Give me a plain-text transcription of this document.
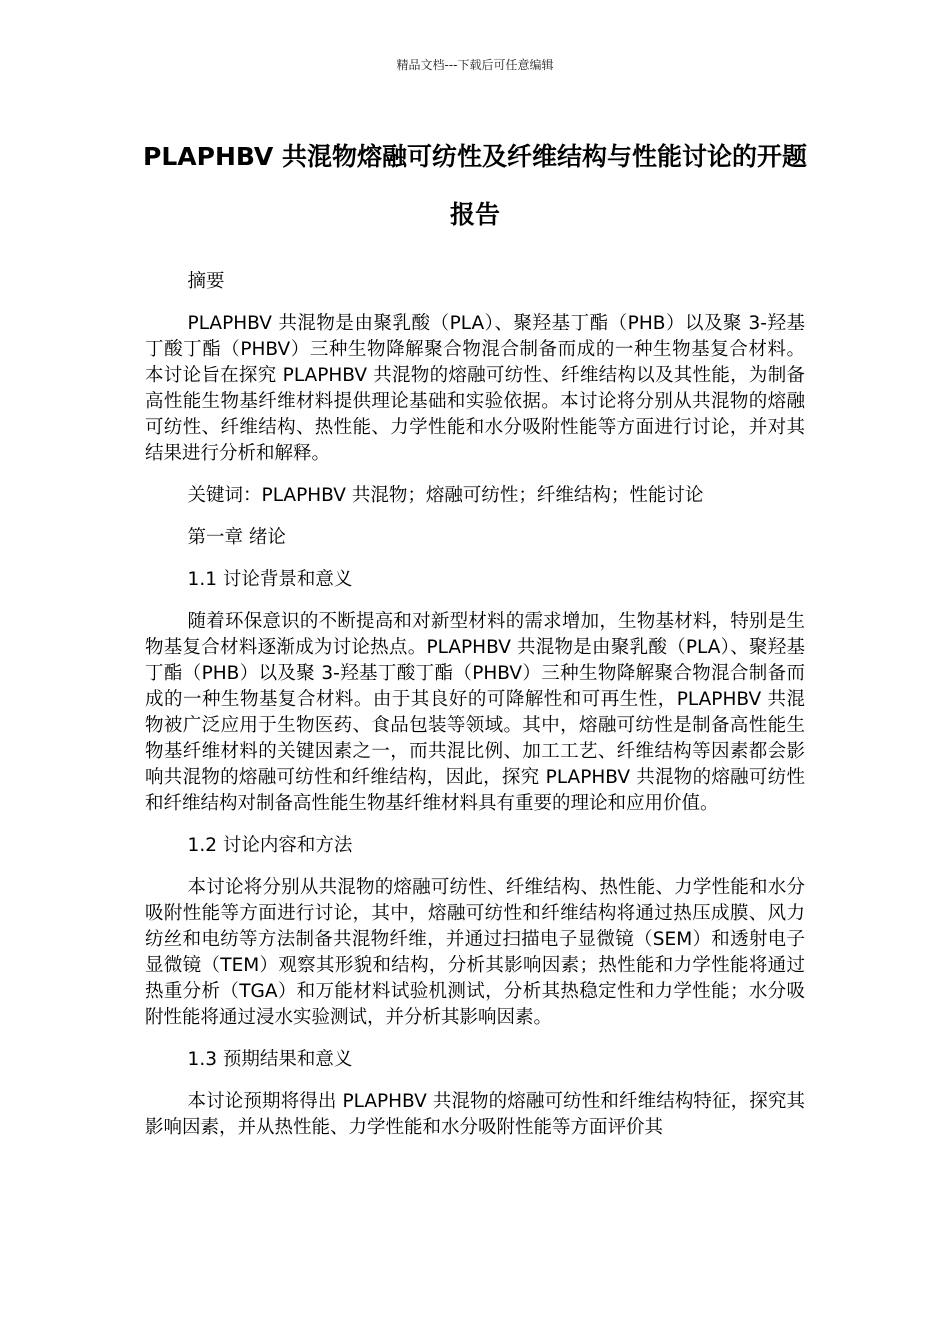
精品文档---下载后可任意编辑
PLAPHBV 共混物熔融可纺性及纤维结构与性能讨论的开题报告

摘要

PLAPHBV 共混物是由聚乳酸（PLA）、聚羟基丁酯（PHB）以及聚 3-羟基丁酸丁酯（PHBV）三种生物降解聚合物混合制备而成的一种生物基复合材料。本讨论旨在探究 PLAPHBV 共混物的熔融可纺性、纤维结构以及其性能，为制备高性能生物基纤维材料提供理论基础和实验依据。本讨论将分别从共混物的熔融可纺性、纤维结构、热性能、力学性能和水分吸附性能等方面进行讨论，并对其结果进行分析和解释。

关键词：PLAPHBV 共混物；熔融可纺性；纤维结构；性能讨论

第一章 绪论

1.1 讨论背景和意义

随着环保意识的不断提高和对新型材料的需求增加，生物基材料，特别是生物基复合材料逐渐成为讨论热点。PLAPHBV 共混物是由聚乳酸（PLA）、聚羟基丁酯（PHB）以及聚 3-羟基丁酸丁酯（PHBV）三种生物降解聚合物混合制备而成的一种生物基复合材料。由于其良好的可降解性和可再生性，PLAPHBV 共混物被广泛应用于生物医药、食品包装等领域。其中，熔融可纺性是制备高性能生物基纤维材料的关键因素之一，而共混比例、加工工艺、纤维结构等因素都会影响共混物的熔融可纺性和纤维结构，因此，探究 PLAPHBV 共混物的熔融可纺性和纤维结构对制备高性能生物基纤维材料具有重要的理论和应用价值。

1.2 讨论内容和方法

本讨论将分别从共混物的熔融可纺性、纤维结构、热性能、力学性能和水分吸附性能等方面进行讨论，其中，熔融可纺性和纤维结构将通过热压成膜、风力纺丝和电纺等方法制备共混物纤维，并通过扫描电子显微镜（SEM）和透射电子显微镜（TEM）观察其形貌和结构，分析其影响因素；热性能和力学性能将通过热重分析（TGA）和万能材料试验机测试，分析其热稳定性和力学性能；水分吸附性能将通过浸水实验测试，并分析其影响因素。

1.3 预期结果和意义

本讨论预期将得出 PLAPHBV 共混物的熔融可纺性和纤维结构特征，探究其影响因素，并从热性能、力学性能和水分吸附性能等方面评价其
